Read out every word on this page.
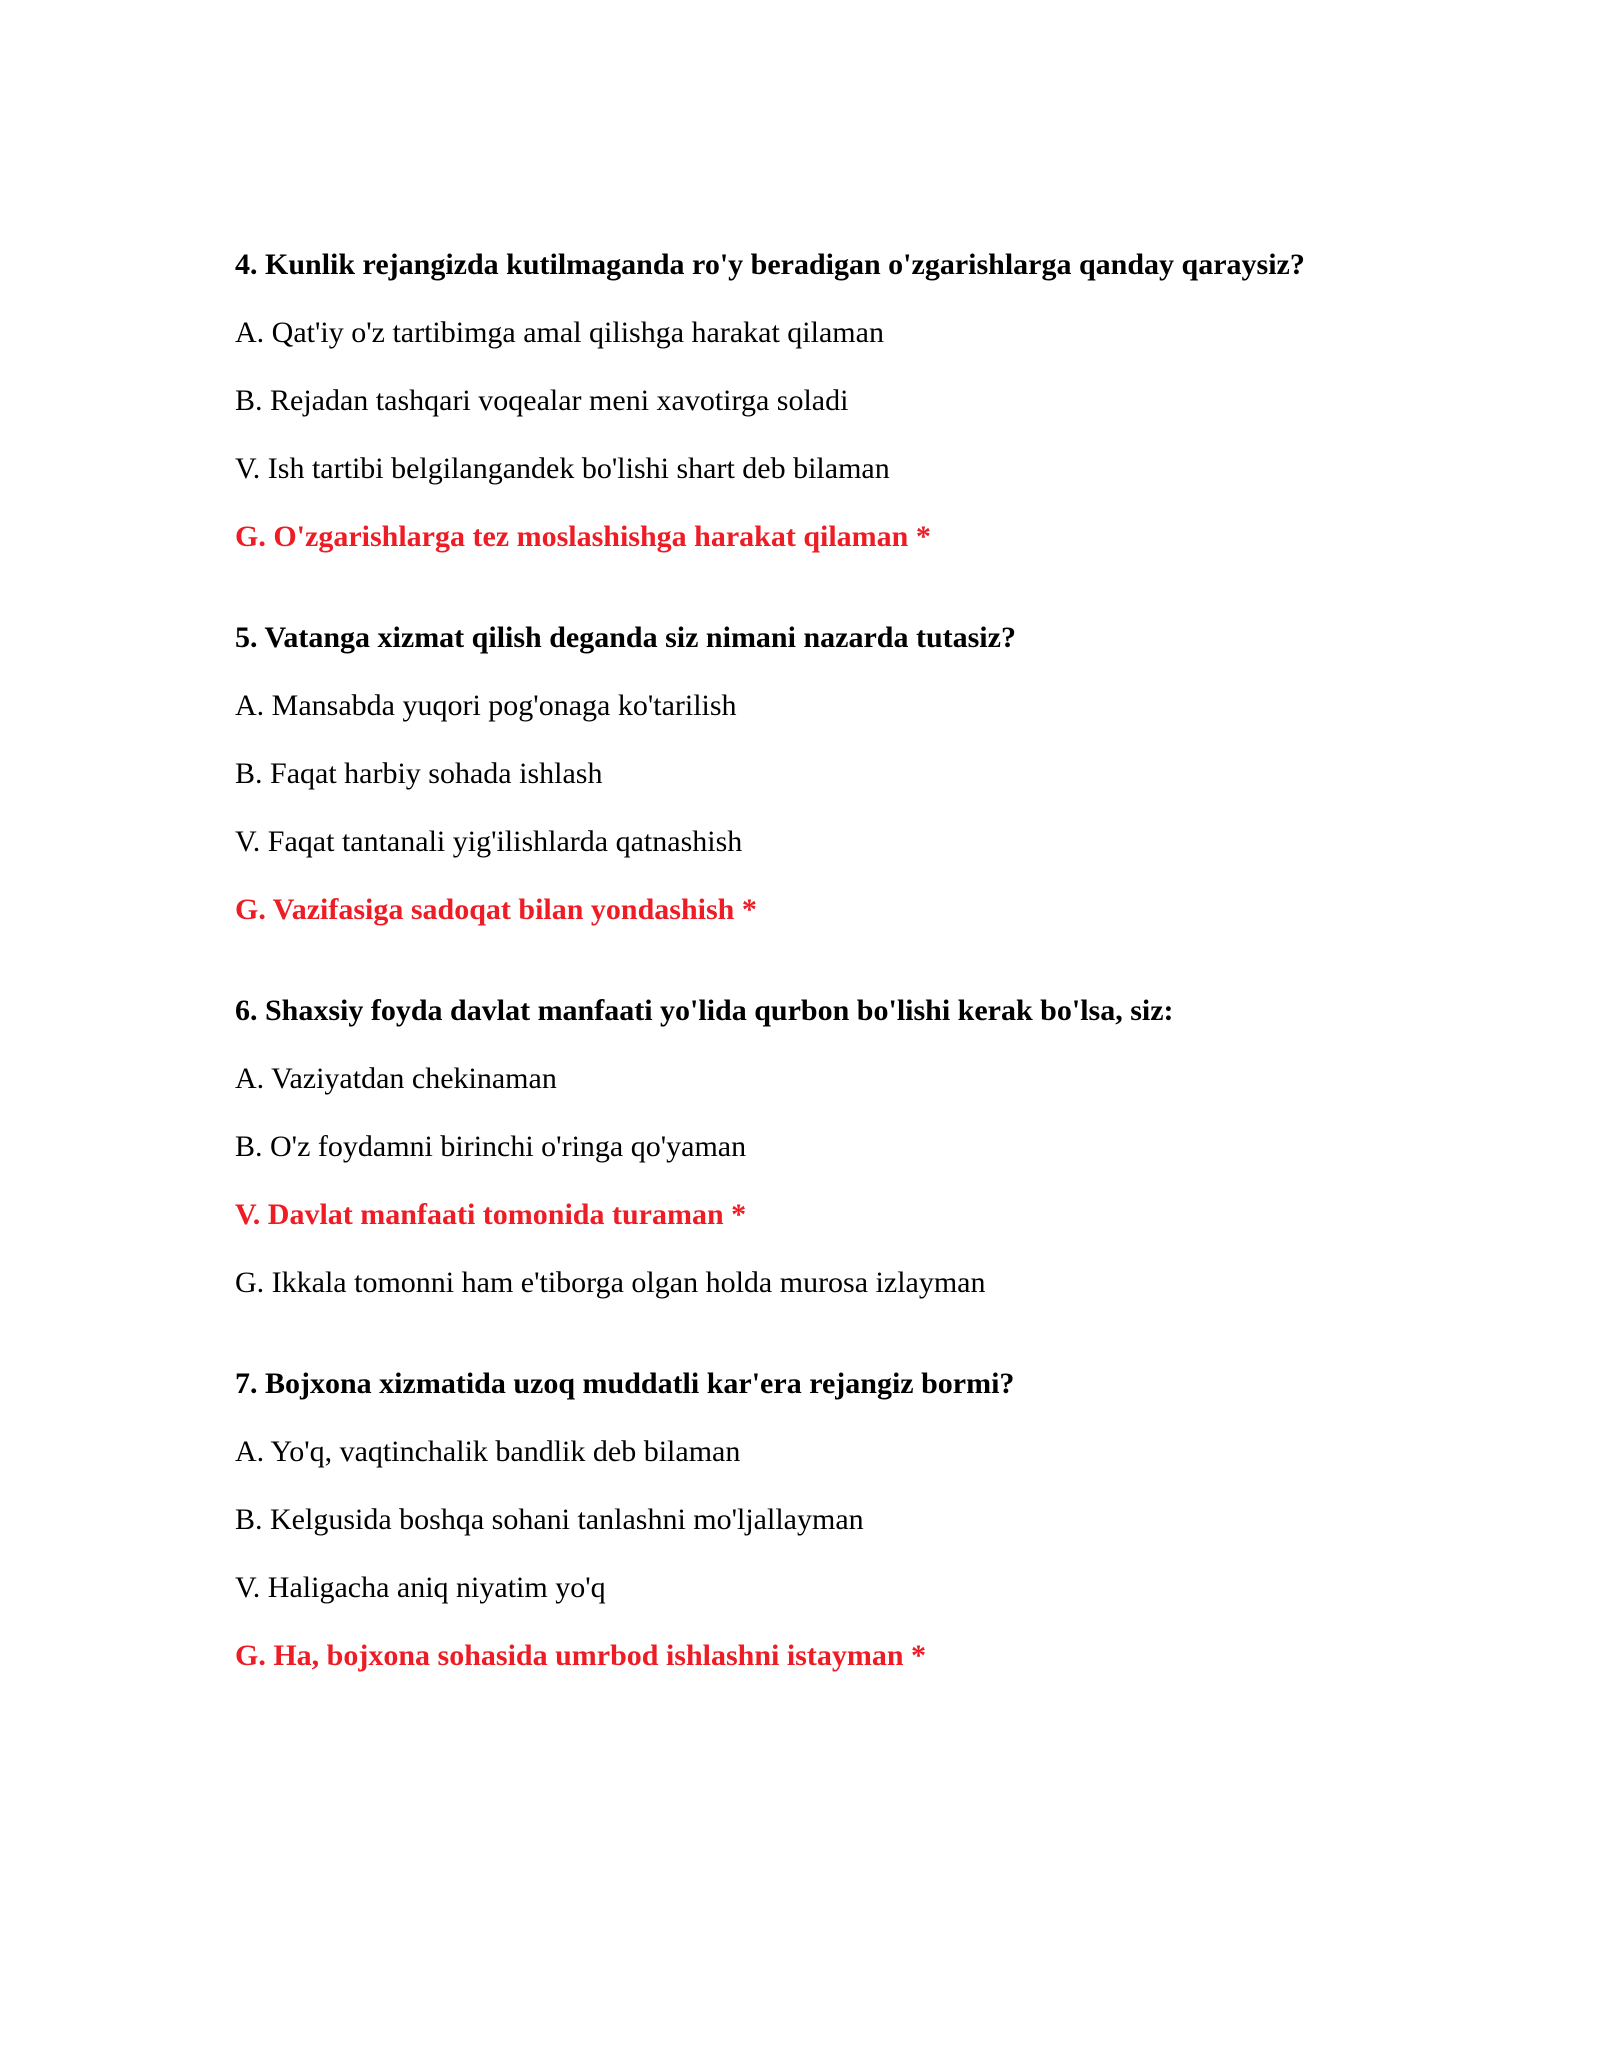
4. Kunlik rejangizda kutilmaganda ro'y beradigan o'zgarishlarga qanday qaraysiz?
A. Qat'iy o'z tartibimga amal qilishga harakat qilaman
B. Rejadan tashqari voqealar meni xavotirga soladi
V. Ish tartibi belgilangandek bo'lishi shart deb bilaman
G. O'zgarishlarga tez moslashishga harakat qilaman *
5. Vatanga xizmat qilish deganda siz nimani nazarda tutasiz?
A. Mansabda yuqori pog'onaga ko'tarilish
B. Faqat harbiy sohada ishlash
V. Faqat tantanali yig'ilishlarda qatnashish
G. Vazifasiga sadoqat bilan yondashish *
6. Shaxsiy foyda davlat manfaati yo'lida qurbon bo'lishi kerak bo'lsa, siz:
A. Vaziyatdan chekinaman
B. O'z foydamni birinchi o'ringa qo'yaman
V. Davlat manfaati tomonida turaman *
G. Ikkala tomonni ham e'tiborga olgan holda murosa izlayman
7. Bojxona xizmatida uzoq muddatli kar'era rejangiz bormi?
A. Yo'q, vaqtinchalik bandlik deb bilaman
B. Kelgusida boshqa sohani tanlashni mo'ljallayman
V. Haligacha aniq niyatim yo'q
G. Ha, bojxona sohasida umrbod ishlashni istayman *
